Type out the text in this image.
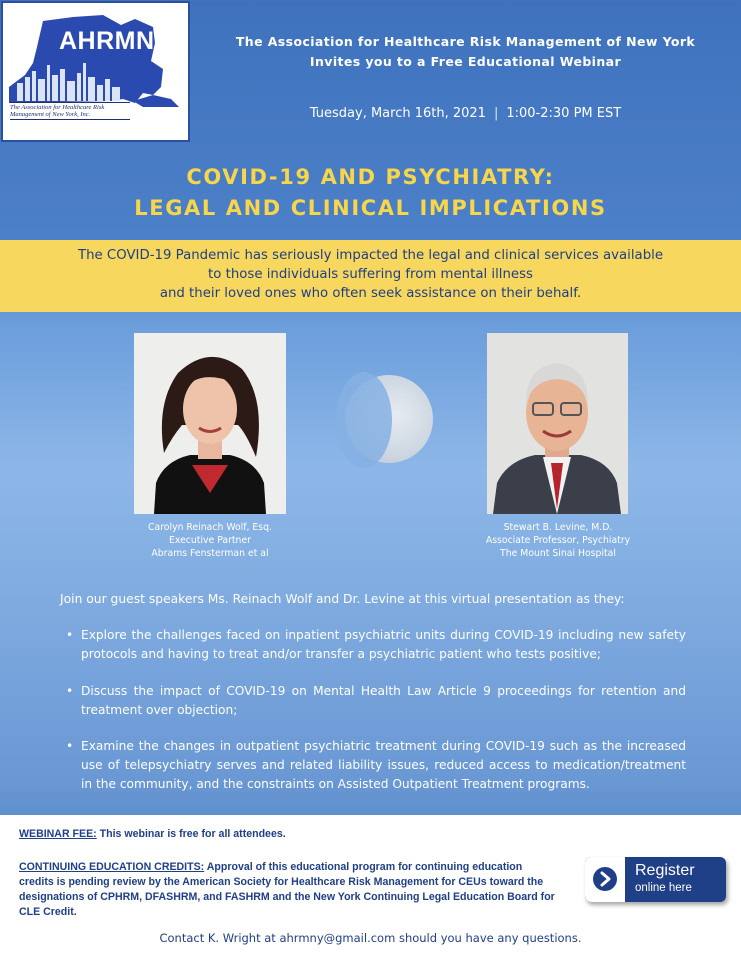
AHRMNY
The Association for Healthcare Risk Management of New York, Inc.
The Association for Healthcare Risk Management of New York
Invites you to a Free Educational Webinar
Tuesday, March 16th, 2021 | 1:00-2:30 PM EST
COVID-19 AND PSYCHIATRY:
LEGAL AND CLINICAL IMPLICATIONS
The COVID-19 Pandemic has seriously impacted the legal and clinical services available
to those individuals suffering from mental illness
and their loved ones who often seek assistance on their behalf.
Carolyn Reinach Wolf, Esq.
Executive Partner
Abrams Fensterman et al
Stewart B. Levine, M.D.
Associate Professor, Psychiatry
The Mount Sinai Hospital
Join our guest speakers Ms. Reinach Wolf and Dr. Levine at this virtual presentation as they:
• Explore the challenges faced on inpatient psychiatric units during COVID-19 including new safety protocols and having to treat and/or transfer a psychiatric patient who tests positive;
• Discuss the impact of COVID-19 on Mental Health Law Article 9 proceedings for retention and treatment over objection;
• Examine the changes in outpatient psychiatric treatment during COVID-19 such as the increased use of telepsychiatry serves and related liability issues, reduced access to medication/treatment in the community, and the constraints on Assisted Outpatient Treatment programs.
WEBINAR FEE: This webinar is free for all attendees.
CONTINUING EDUCATION CREDITS: Approval of this educational program for continuing education credits is pending review by the American Society for Healthcare Risk Management for CEUs toward the designations of CPHRM, DFASHRM, and FASHRM and the New York Continuing Legal Education Board for CLE Credit.
Contact K. Wright at ahrmny@gmail.com should you have any questions.
Register
online here
